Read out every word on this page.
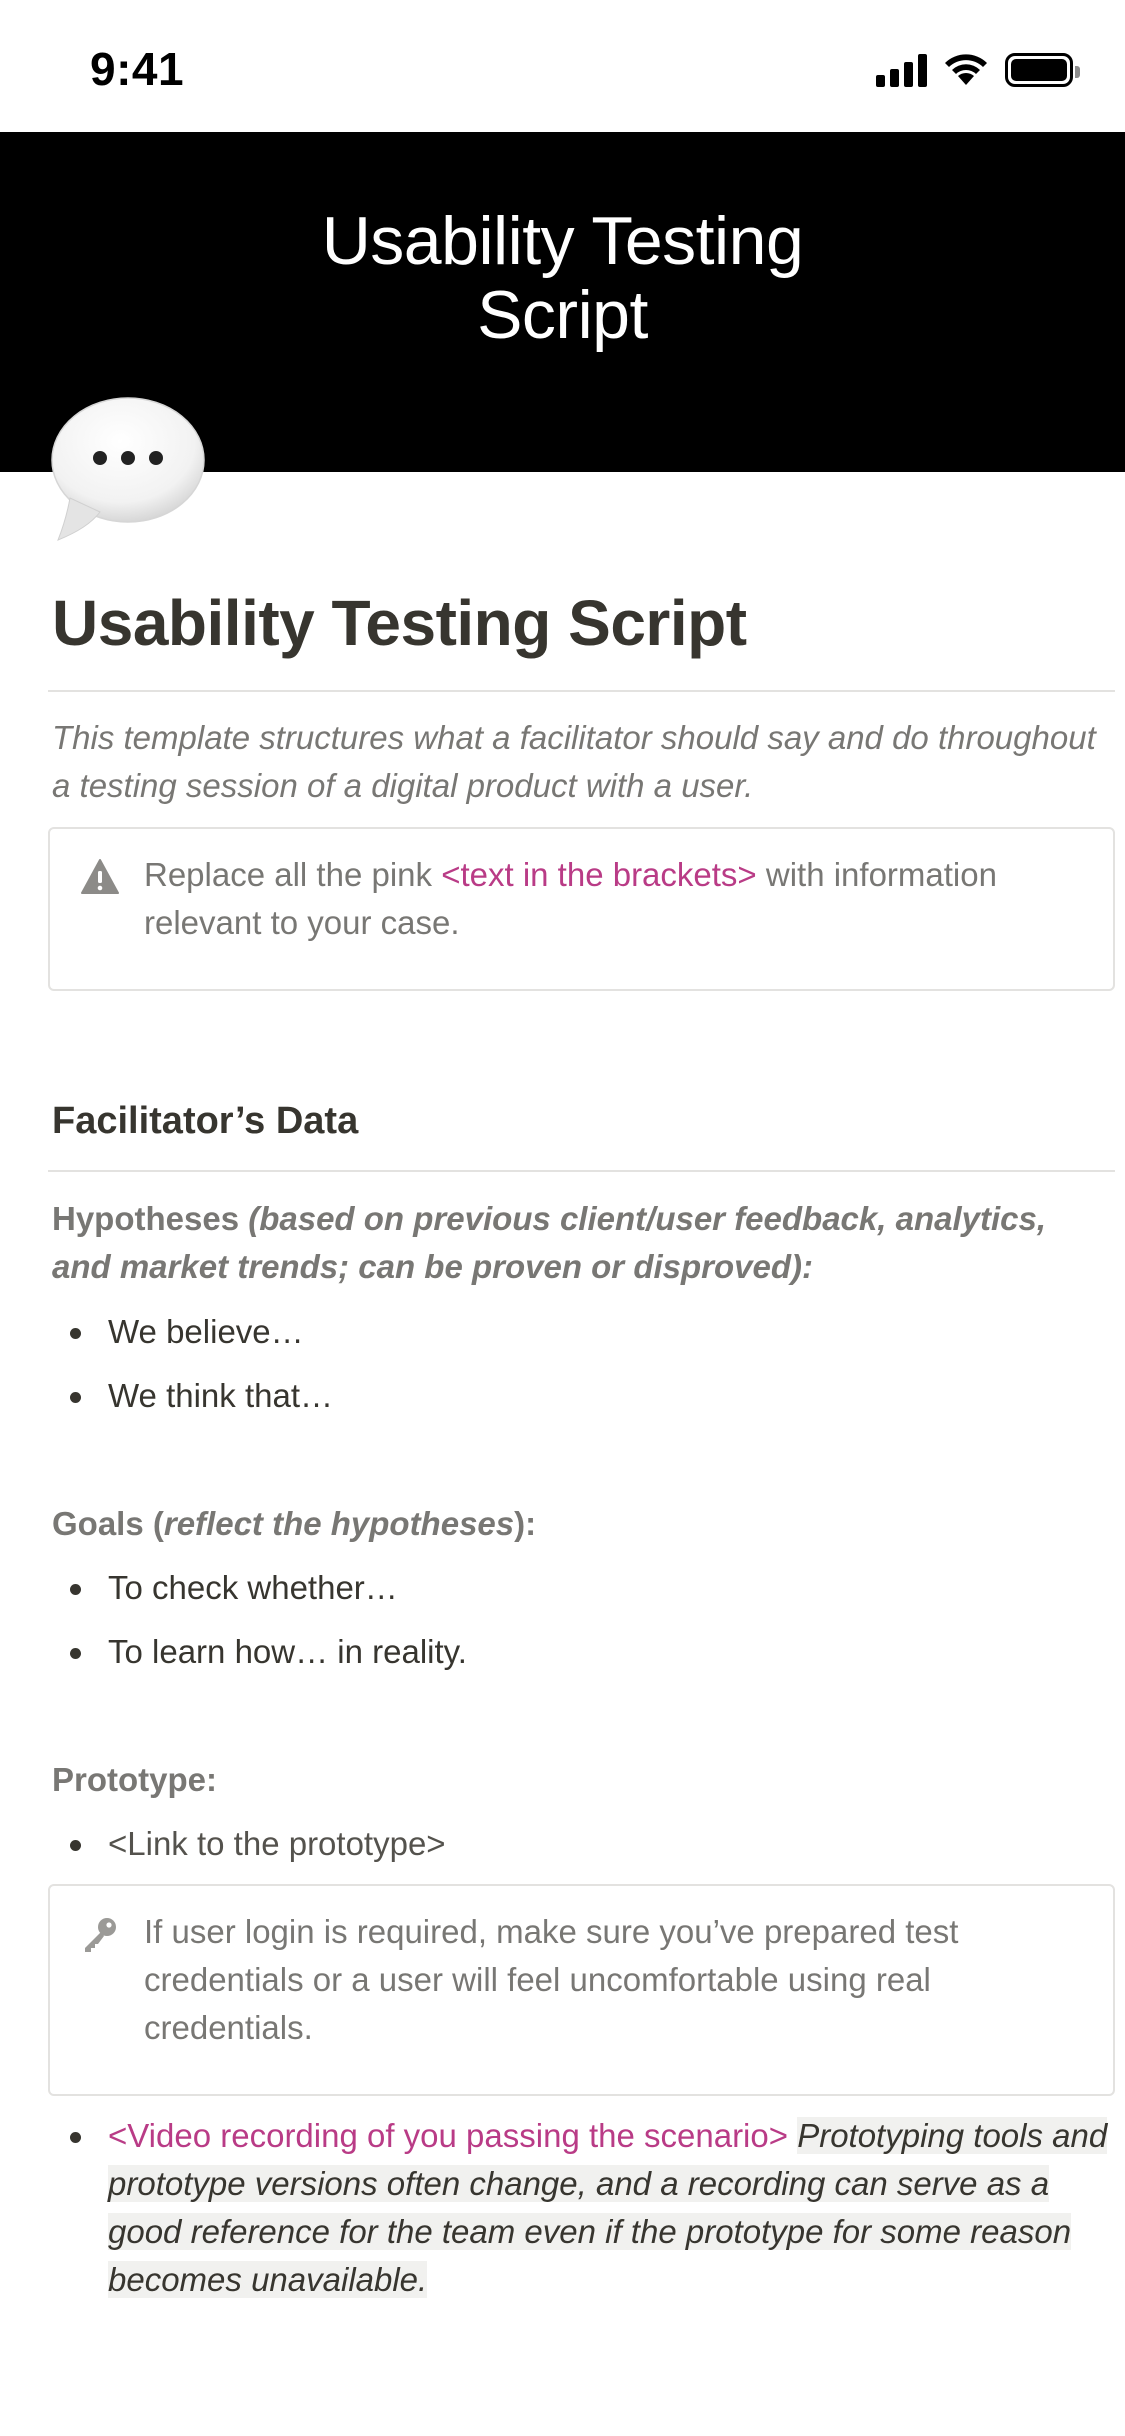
9:41
Usability Testing
Script
Usability Testing Script
This template structures what a facilitator should say and do throughout a testing session of a digital product with a user.
Replace all the pink <text in the brackets> with information relevant to your case.
Facilitator’s Data
Hypotheses (based on previous client/user feedback, analytics, and market trends; can be proven or disproved):
We believe…
We think that…
Goals (reflect the hypotheses):
To check whether…
To learn how… in reality.
Prototype:
<Link to the prototype>
If user login is required, make sure you’ve prepared test credentials or a user will feel uncomfortable using real credentials.
<Video recording of you passing the scenario> Prototyping tools and prototype versions often change, and a recording can serve as a good reference for the team even if the prototype for some reason becomes unavailable.
